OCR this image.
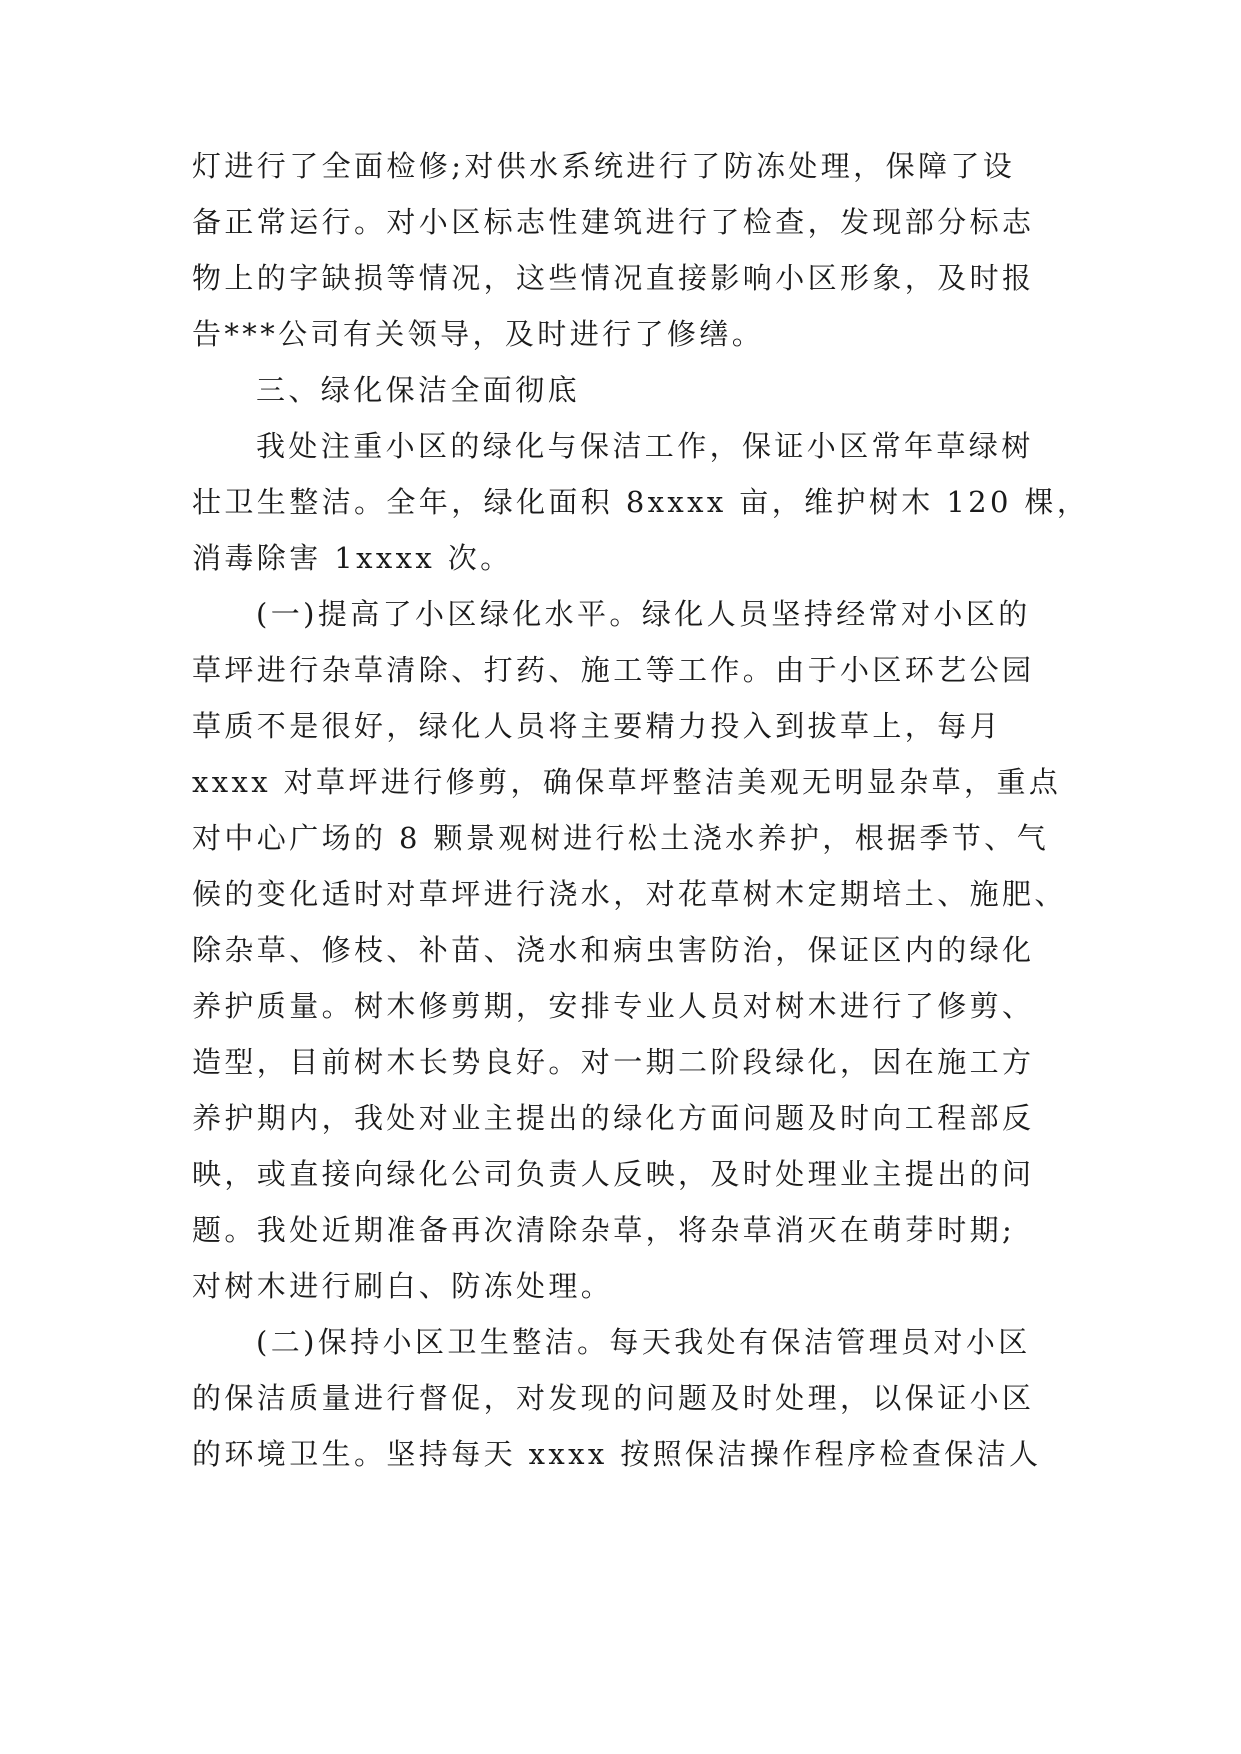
灯进行了全面检修;对供水系统进行了防冻处理，保障了设
备正常运行。对小区标志性建筑进行了检查，发现部分标志
物上的字缺损等情况，这些情况直接影响小区形象，及时报
告***公司有关领导，及时进行了修缮。
三、绿化保洁全面彻底
我处注重小区的绿化与保洁工作，保证小区常年草绿树
壮卫生整洁。全年，绿化面积 8xxxx 亩，维护树木 120 棵，
消毒除害 1xxxx 次。
(一)提高了小区绿化水平。绿化人员坚持经常对小区的
草坪进行杂草清除、打药、施工等工作。由于小区环艺公园
草质不是很好，绿化人员将主要精力投入到拔草上，每月
xxxx 对草坪进行修剪，确保草坪整洁美观无明显杂草，重点
对中心广场的 8 颗景观树进行松土浇水养护，根据季节、气
候的变化适时对草坪进行浇水，对花草树木定期培土、施肥、
除杂草、修枝、补苗、浇水和病虫害防治，保证区内的绿化
养护质量。树木修剪期，安排专业人员对树木进行了修剪、
造型，目前树木长势良好。对一期二阶段绿化，因在施工方
养护期内，我处对业主提出的绿化方面问题及时向工程部反
映，或直接向绿化公司负责人反映，及时处理业主提出的问
题。我处近期准备再次清除杂草，将杂草消灭在萌芽时期;
对树木进行刷白、防冻处理。
(二)保持小区卫生整洁。每天我处有保洁管理员对小区
的保洁质量进行督促，对发现的问题及时处理，以保证小区
的环境卫生。坚持每天 xxxx 按照保洁操作程序检查保洁人
